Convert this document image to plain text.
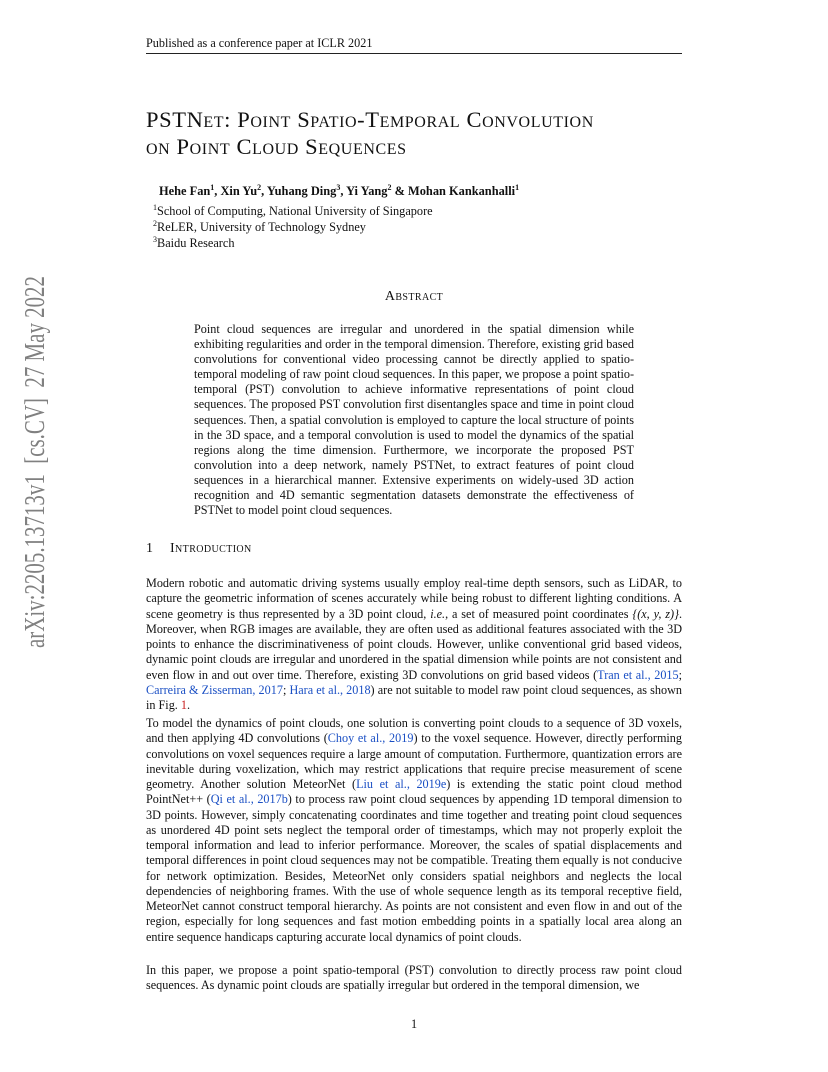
Published as a conference paper at ICLR 2021
PSTNet: Point Spatio-Temporal Convolution
on Point Cloud Sequences
Hehe Fan$^1$, Xin Yu$^2$, Yuhang Ding$^3$, Yi Yang$^2$ & Mohan Kankanhalli$^1$
$^1$School of Computing, National University of Singapore
$^2$ReLER, University of Technology Sydney
$^3$Baidu Research
arXiv:2205.13713v1  [cs.CV]  27 May 2022	Abstract
Point cloud sequences are irregular and unordered in the spatial dimension while exhibiting regularities and order in the temporal dimension. Therefore, existing grid based convolutions for conventional video processing cannot be directly applied to spatio-temporal modeling of raw point cloud sequences. In this paper, we propose a point spatio-temporal (PST) convolution to achieve informative representations of point cloud sequences. The proposed PST convolution first disentangles space and time in point cloud sequences. Then, a spatial convolution is employed to capture the local structure of points in the 3D space, and a temporal convolution is used to model the dynamics of the spatial regions along the time dimension. Furthermore, we incorporate the proposed PST convolution into a deep network, namely PSTNet, to extract features of point cloud sequences in a hierarchical manner. Extensive experiments on widely-used 3D action recognition and 4D semantic segmentation datasets demonstrate the effectiveness of PSTNet to model point cloud sequences.
1 Introduction
Modern robotic and automatic driving systems usually employ real-time depth sensors, such as LiDAR, to capture the geometric information of scenes accurately while being robust to different lighting conditions. A scene geometry is thus represented by a 3D point cloud, i.e., a set of measured point coordinates {(x, y, z)}. Moreover, when RGB images are available, they are often used as additional features associated with the 3D points to enhance the discriminativeness of point clouds. However, unlike conventional grid based videos, dynamic point clouds are irregular and unordered in the spatial dimension while points are not consistent and even flow in and out over time. Therefore, existing 3D convolutions on grid based videos (Tran et al., 2015; Carreira & Zisserman, 2017; Hara et al., 2018) are not suitable to model raw point cloud sequences, as shown in Fig. 1.
To model the dynamics of point clouds, one solution is converting point clouds to a sequence of 3D voxels, and then applying 4D convolutions (Choy et al., 2019) to the voxel sequence. However, directly performing convolutions on voxel sequences require a large amount of computation. Furthermore, quantization errors are inevitable during voxelization, which may restrict applications that require precise measurement of scene geometry. Another solution MeteorNet (Liu et al., 2019e) is extending the static point cloud method PointNet++ (Qi et al., 2017b) to process raw point cloud sequences by appending 1D temporal dimension to 3D points. However, simply concatenating coordinates and time together and treating point cloud sequences as unordered 4D point sets neglect the temporal order of timestamps, which may not properly exploit the temporal information and lead to inferior performance. Moreover, the scales of spatial displacements and temporal differences in point cloud sequences may not be compatible. Treating them equally is not conducive for network optimization. Besides, MeteorNet only considers spatial neighbors and neglects the local dependencies of neighboring frames. With the use of whole sequence length as its temporal receptive field, MeteorNet cannot construct temporal hierarchy. As points are not consistent and even flow in and out of the region, especially for long sequences and fast motion embedding points in a spatially local area along an entire sequence handicaps capturing accurate local dynamics of point clouds.
In this paper, we propose a point spatio-temporal (PST) convolution to directly process raw point cloud sequences. As dynamic point clouds are spatially irregular but ordered in the temporal dimension, we
1
